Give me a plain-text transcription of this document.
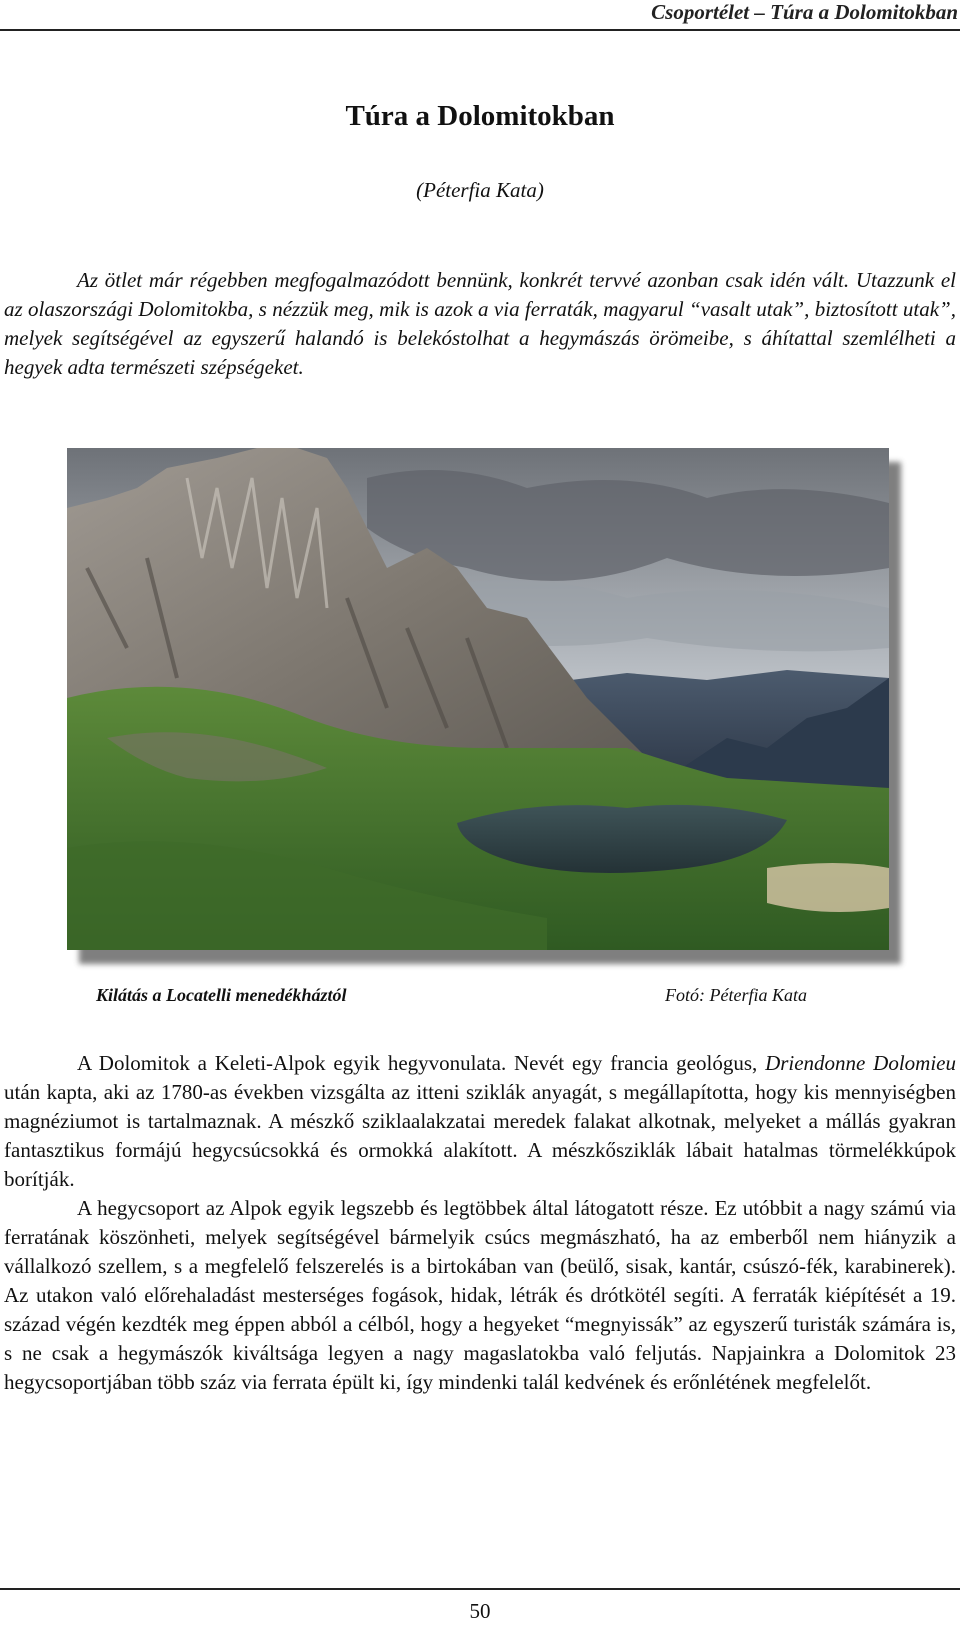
Csoportélet – Túra a Dolomitokban
Túra a Dolomitokban
(Péterfia Kata)

Az ötlet már régebben megfogalmazódott bennünk, konkrét tervvé azonban csak idén vált. Utazzunk el az olaszországi Dolomitokba, s nézzük meg, mik is azok a via ferraták, magyarul “vasalt utak”, biztosított utak”, melyek segítségével az egyszerű halandó is belekóstolhat a hegymászás örömeibe, s áhítattal szemlélheti a hegyek adta természeti szépségeket.

Kilátás a Locatelli menedékháztól	Fotó: Péterfia Kata

A Dolomitok a Keleti-Alpok egyik hegyvonulata. Nevét egy francia geológus, Driendonne Dolomieu után kapta, aki az 1780-as években vizsgálta az itteni sziklák anyagát, s megállapította, hogy kis mennyiségben magnéziumot is tartalmaznak. A mészkő sziklaalakzatai meredek falakat alkotnak, melyeket a mállás gyakran fantasztikus formájú hegycsúcsokká és ormokká alakított. A mészkősziklák lábait hatalmas törmelékkúpok borítják.

A hegycsoport az Alpok egyik legszebb és legtöbbek által látogatott része. Ez utóbbit a nagy számú via ferratának köszönheti, melyek segítségével bármelyik csúcs megmászható, ha az emberből nem hiányzik a vállalkozó szellem, s a megfelelő felszerelés is a birtokában van (beülő, sisak, kantár, csúszó-fék, karabinerek). Az utakon való előrehaladást mesterséges fogások, hidak, létrák és drótkötél segíti. A ferraták kiépítését a 19. század végén kezdték meg éppen abból a célból, hogy a hegyeket “megnyissák” az egyszerű turisták számára is, s ne csak a hegymászók kiváltsága legyen a nagy magaslatokba való feljutás. Napjainkra a Dolomitok 23 hegycsoportjában több száz via ferrata épült ki, így mindenki talál kedvének és erőnlétének megfelelőt.

50
